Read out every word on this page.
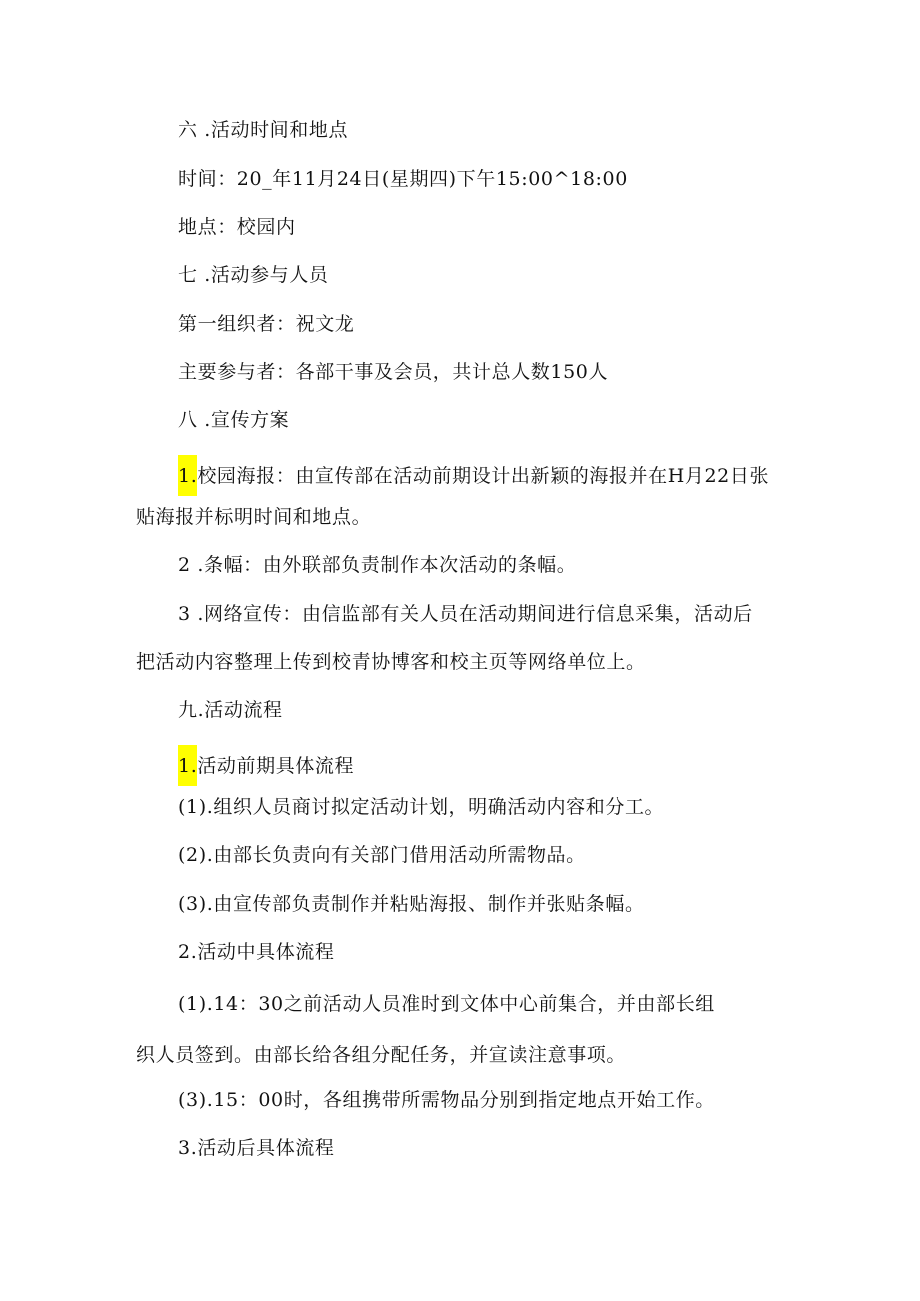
六 .活动时间和地点
时间：20_年11月24日(星期四)下午15:00^18:00
地点：校园内
七 .活动参与人员
第一组织者：祝文龙
主要参与者：各部干事及会员，共计总人数150人
八 .宣传方案
1.校园海报：由宣传部在活动前期设计出新颖的海报并在H月22日张
贴海报并标明时间和地点。
2 .条幅：由外联部负责制作本次活动的条幅。
3 .网络宣传：由信监部有关人员在活动期间进行信息采集，活动后
把活动内容整理上传到校青协博客和校主页等网络单位上。
九.活动流程
1.活动前期具体流程
(1).组织人员商讨拟定活动计划，明确活动内容和分工。
(2).由部长负责向有关部门借用活动所需物品。
(3).由宣传部负责制作并粘贴海报、制作并张贴条幅。
2.活动中具体流程
(1).14：30之前活动人员准时到文体中心前集合，并由部长组
织人员签到。由部长给各组分配任务，并宣读注意事项。
(3).15：00时，各组携带所需物品分别到指定地点开始工作。
3.活动后具体流程
